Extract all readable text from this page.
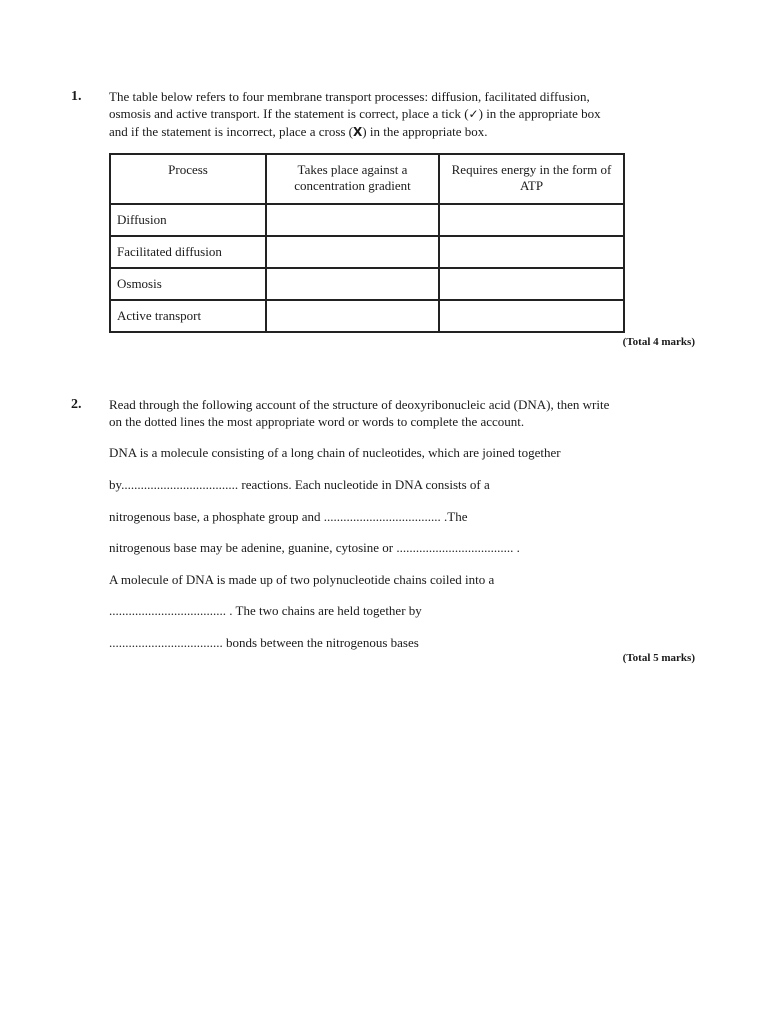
1. The table below refers to four membrane transport processes: diffusion, facilitated diffusion,
osmosis and active transport. If the statement is correct, place a tick (✓) in the appropriate box
and if the statement is incorrect, place a cross (X) in the appropriate box.
Process	Takes place against a concentration gradient	Requires energy in the form of ATP
Diffusion		
Facilitated diffusion		
Osmosis		
Active transport		
(Total 4 marks)
2. Read through the following account of the structure of deoxyribonucleic acid (DNA), then write
on the dotted lines the most appropriate word or words to complete the account.
DNA is a molecule consisting of a long chain of nucleotides, which are joined together
by.................................... reactions. Each nucleotide in DNA consists of a
nitrogenous base, a phosphate group and .................................... .The
nitrogenous base may be adenine, guanine, cytosine or .................................... .
A molecule of DNA is made up of two polynucleotide chains coiled into a
.................................... . The two chains are held together by
................................... bonds between the nitrogenous bases
(Total 5 marks)
